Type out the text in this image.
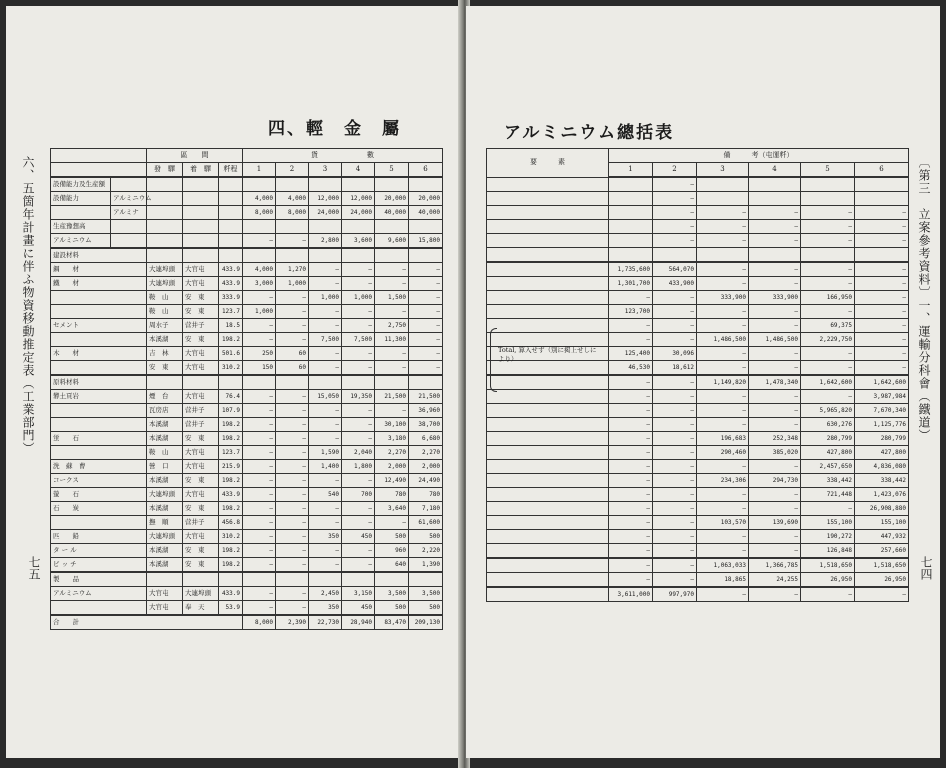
四、輕　金　屬
六、五箇年計畫に伴ふ物資移動推定表（工業部門）
七五
		區　　間			貨　　　　　　　數					
		發　驛	着　驛	粁程	1	2	3	4	5	6
設備能力及生産額										
設備能力	アルミニウム				4,000	4,000	12,000	12,000	20,000	20,000
	アルミナ				8,000	8,000	24,000	24,000	40,000	40,000
生産豫想高										
アルミニウム					—	—	2,800	3,600	9,600	15,800
建設材料										
鋼　　材		大連埠頭	大官屯	433.9	4,000	1,270	—	—	—	—
鐵　　材		大連埠頭	大官屯	433.9	3,000	1,000	—	—	—	—
		鞍　山	安　東	333.9	—	—	1,000	1,000	1,500	—
		鞍　山	安　東	123.7	1,000	—	—	—	—	—
セメント		周水子	营井子	18.5	—	—	—	—	2,750	—
		本溪湖	安　東	198.2	—	—	7,500	7,500	11,300	—
木　　材		吉　林	大官屯	501.6	250	60	—	—	—	—
		安　東	大官屯	310.2	150	60	—	—	—	—
原料材料										
礬土頁岩		煙　台	大官屯	76.4	—	—	15,050	19,350	21,500	21,500
		瓦房店	营井子	107.9	—	—	—	—	—	36,960
		本溪湖	营井子	198.2	—	—	—	—	30,100	38,700
蛍　　石		本溪湖	安　東	198.2	—	—	—	—	3,180	6,680
		鞍　山	大官屯	123.7	—	—	1,590	2,040	2,270	2,270
洗　蘇　曹		營　口	大官屯	215.9	—	—	1,400	1,800	2,000	2,000
コークス		本溪湖	安　東	198.2	—	—	—	—	12,490	24,490
螢　　石		大連埠頭	大官屯	433.9	—	—	540	700	780	780
石　　炭		本溪湖	安　東	198.2	—	—	—	—	3,640	7,180
		撫　順	营井子	456.8	—	—	—	—	—	61,600
匹　　鉛		大連埠頭	大官屯	310.2	—	—	350	450	500	500
タ ー ル		本溪湖	安　東	198.2	—	—	—	—	960	2,220
ピ ッ チ		本溪湖	安　東	198.2	—	—	—	—	640	1,390
製　　品										
アルミニウム		大官屯	大連埠頭	433.9	—	—	2,450	3,150	3,500	3,500
		大官屯	奉　天	53.9	—	—	350	450	500	500
合　　計					8,000	2,390	22,730	28,940	83,470	209,130
アルミニウム總括表
〔第三　立案參考資料〕一、運輸分科會（鐵道）
七四
要　　　素	備　　　考（屯運粁）					
	1	2	3	4	5	6
		—				
		—				
		—	—	—	—	—
		—	—	—	—	—
		—	—	—	—	—

	1,735,600	564,070	—	—	—	—
	1,301,700	433,900	—	—	—	—
	—	—	333,900	333,900	166,950	—
	123,700	—	—	—	—	—
	—	—	—	—	69,375	—
	—	—	1,486,500	1,486,500	2,229,750	—
	125,400	30,096	—	—	—	—
	46,530	18,612	—	—	—	—
	—	—	1,149,820	1,478,340	1,642,600	1,642,600
	—	—	—	—	—	3,987,984
	—	—	—	—	5,965,820	7,670,340
	—	—	—	—	630,276	1,125,776
	—	—	196,683	252,348	280,799	280,799
	—	—	290,460	385,020	427,800	427,800
	—	—	—	—	2,457,650	4,836,080
	—	—	234,306	294,730	338,442	338,442
	—	—	—	—	721,448	1,423,076
	—	—	—	—	—	26,908,880
	—	—	103,570	139,690	155,100	155,100
	—	—	—	—	190,272	447,932
	—	—	—	—	126,848	257,660
	—	—	1,063,033	1,366,785	1,518,650	1,518,650
	—	—	18,865	24,255	26,950	26,950
	3,611,000	997,970	—	—	—	—
Total, 算入せず（別に掲上せしにより）
